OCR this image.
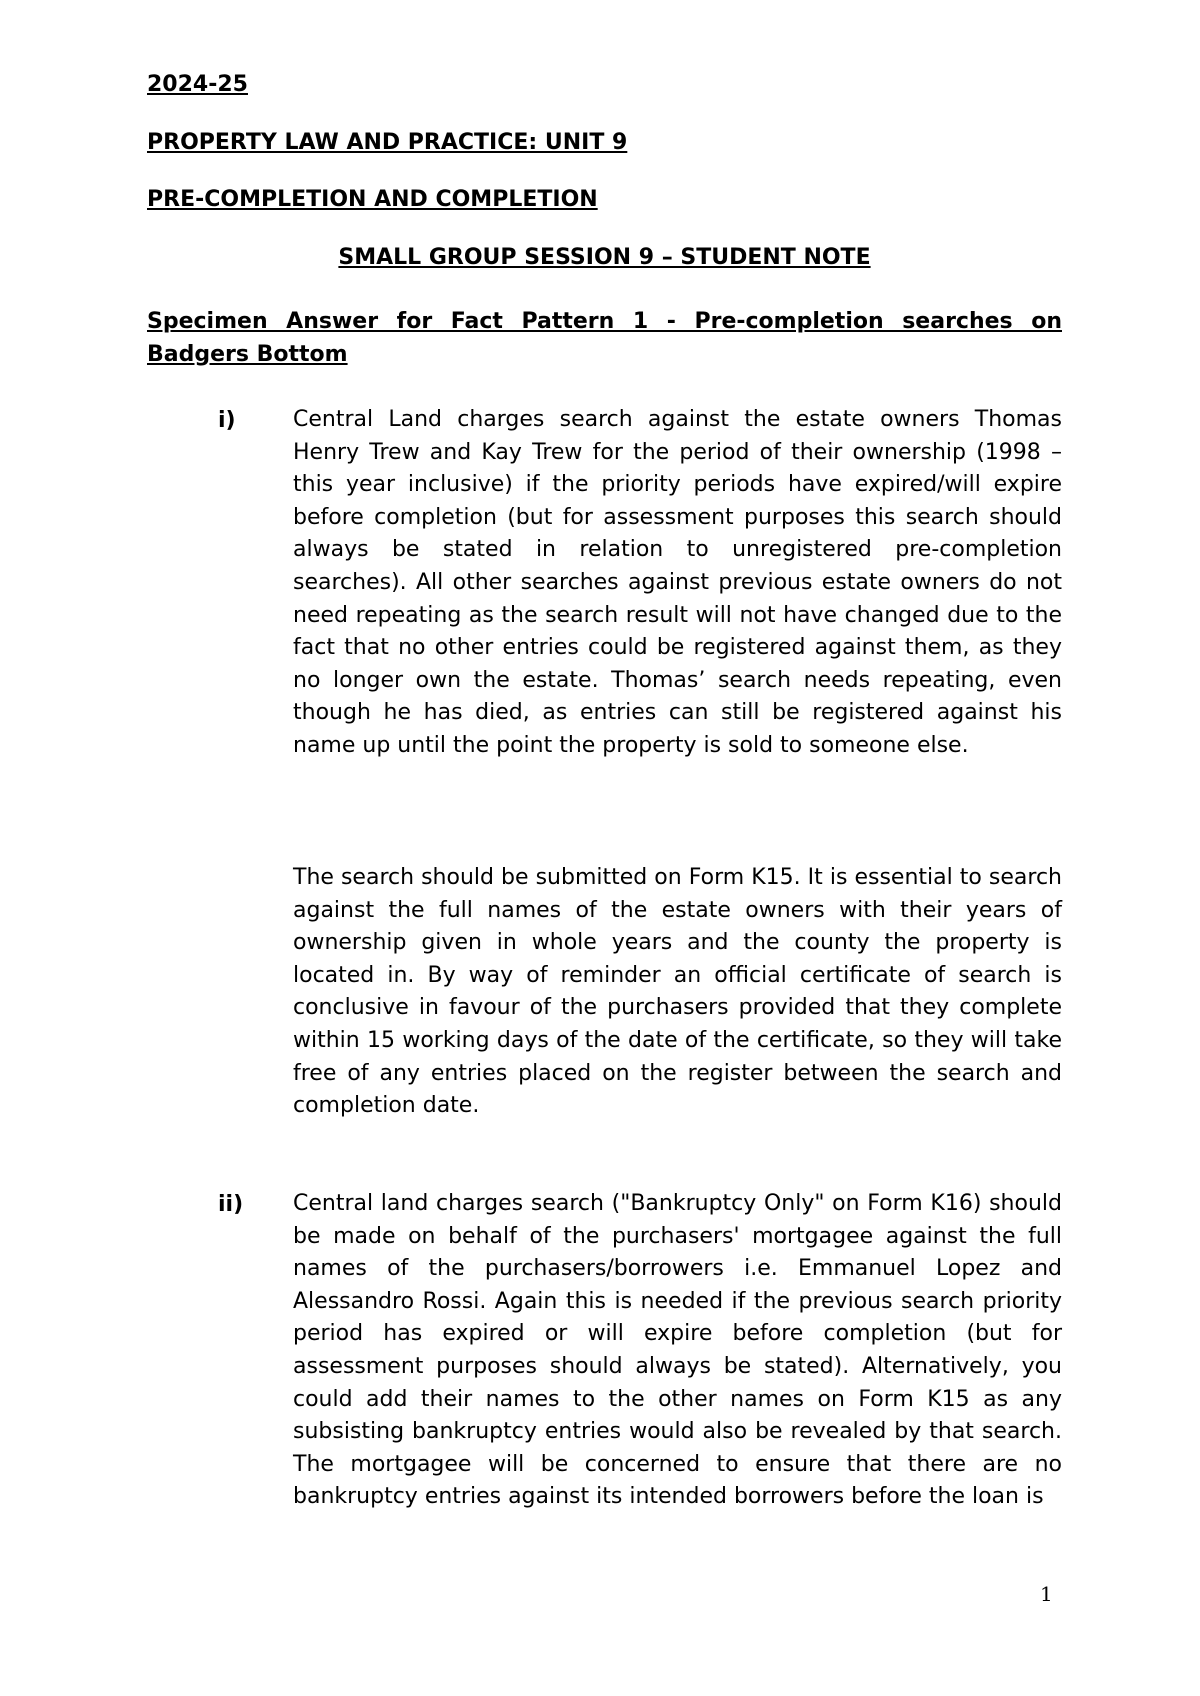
2024-25
PROPERTY LAW AND PRACTICE: UNIT 9
PRE-COMPLETION AND COMPLETION
SMALL GROUP SESSION 9 – STUDENT NOTE
Specimen Answer for Fact Pattern 1 - Pre-completion searches on Badgers Bottom
i)	Central Land charges search against the estate owners Thomas Henry Trew and Kay Trew for the period of their ownership (1998 – this year inclusive) if the priority periods have expired/will expire before completion (but for assessment purposes this search should always be stated in relation to unregistered pre-completion searches). All other searches against previous estate owners do not need repeating as the search result will not have changed due to the fact that no other entries could be registered against them, as they no longer own the estate. Thomas’ search needs repeating, even though he has died, as entries can still be registered against his name up until the point the property is sold to someone else.

The search should be submitted on Form K15. It is essential to search against the full names of the estate owners with their years of ownership given in whole years and the county the property is located in. By way of reminder an official certificate of search is conclusive in favour of the purchasers provided that they complete within 15 working days of the date of the certificate, so they will take free of any entries placed on the register between the search and completion date.

ii) Central land charges search ("Bankruptcy Only" on Form K16) should be made on behalf of the purchasers' mortgagee against the full names of the purchasers/borrowers i.e. Emmanuel Lopez and Alessandro Rossi. Again this is needed if the previous search priority period has expired or will expire before completion (but for assessment purposes should always be stated). Alternatively, you could add their names to the other names on Form K15 as any subsisting bankruptcy entries would also be revealed by that search. The mortgagee will be concerned to ensure that there are no bankruptcy entries against its intended borrowers before the loan is

1
